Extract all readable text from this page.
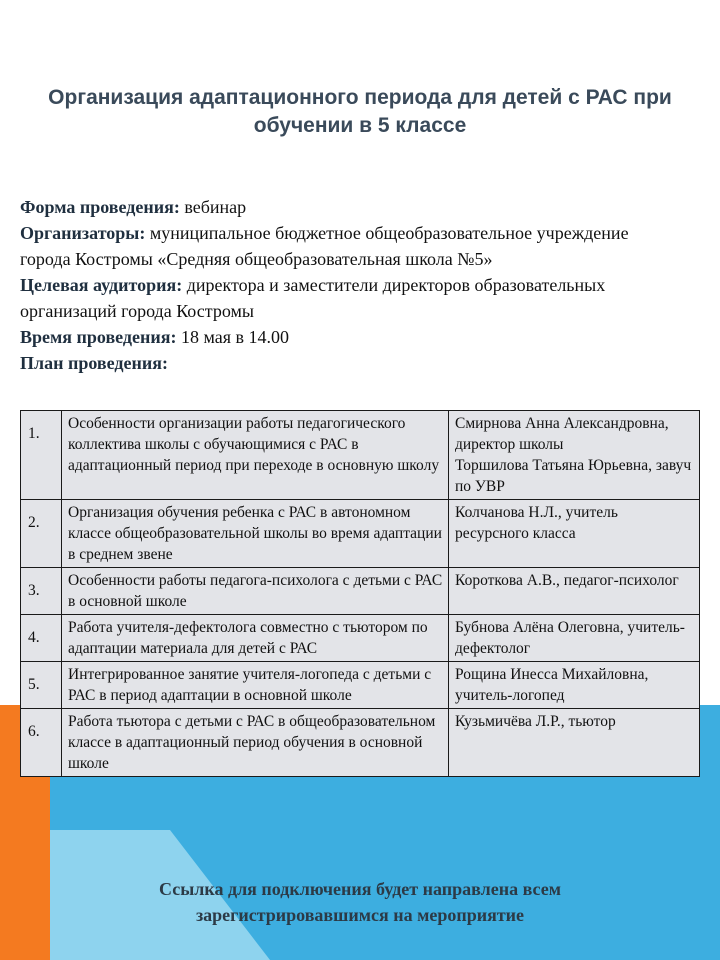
Организация адаптационного периода для детей с РАС при обучении в 5 классе

Форма проведения: вебинар

Организаторы: муниципальное бюджетное общеобразовательное учреждение города Костромы «Средняя общеобразовательная школа №5»

Целевая аудитория: директора и заместители директоров образовательных организаций города Костромы

Время проведения: 18 мая в 14.00

План проведения:

1.	Особенности организации работы педагогического коллектива школы с обучающимися с РАС в адаптационный период при переходе в основную школу	Смирнова Анна Александровна, директор школы
Торшилова Татьяна Юрьевна, завуч по УВР
2.	Организация обучения ребенка с РАС в автономном классе общеобразовательной школы во время адаптации в среднем звене	Колчанова Н.Л., учитель ресурсного класса
3.	Особенности работы педагога-психолога с детьми с РАС в основной школе	Короткова А.В., педагог-психолог
4.	Работа учителя-дефектолога совместно с тьютором по адаптации материала для детей с РАС	Бубнова Алёна Олеговна, учитель-дефектолог
5.	Интегрированное занятие учителя-логопеда с детьми с РАС в период адаптации в основной школе	Рощина Инесса Михайловна, учитель-логопед
6.	Работа тьютора с детьми с РАС в общеобразовательном классе в адаптационный период обучения в основной школе	Кузьмичёва Л.Р., тьютор
Ссылка для подключения будет направлена всем зарегистрировавшимся на мероприятие
